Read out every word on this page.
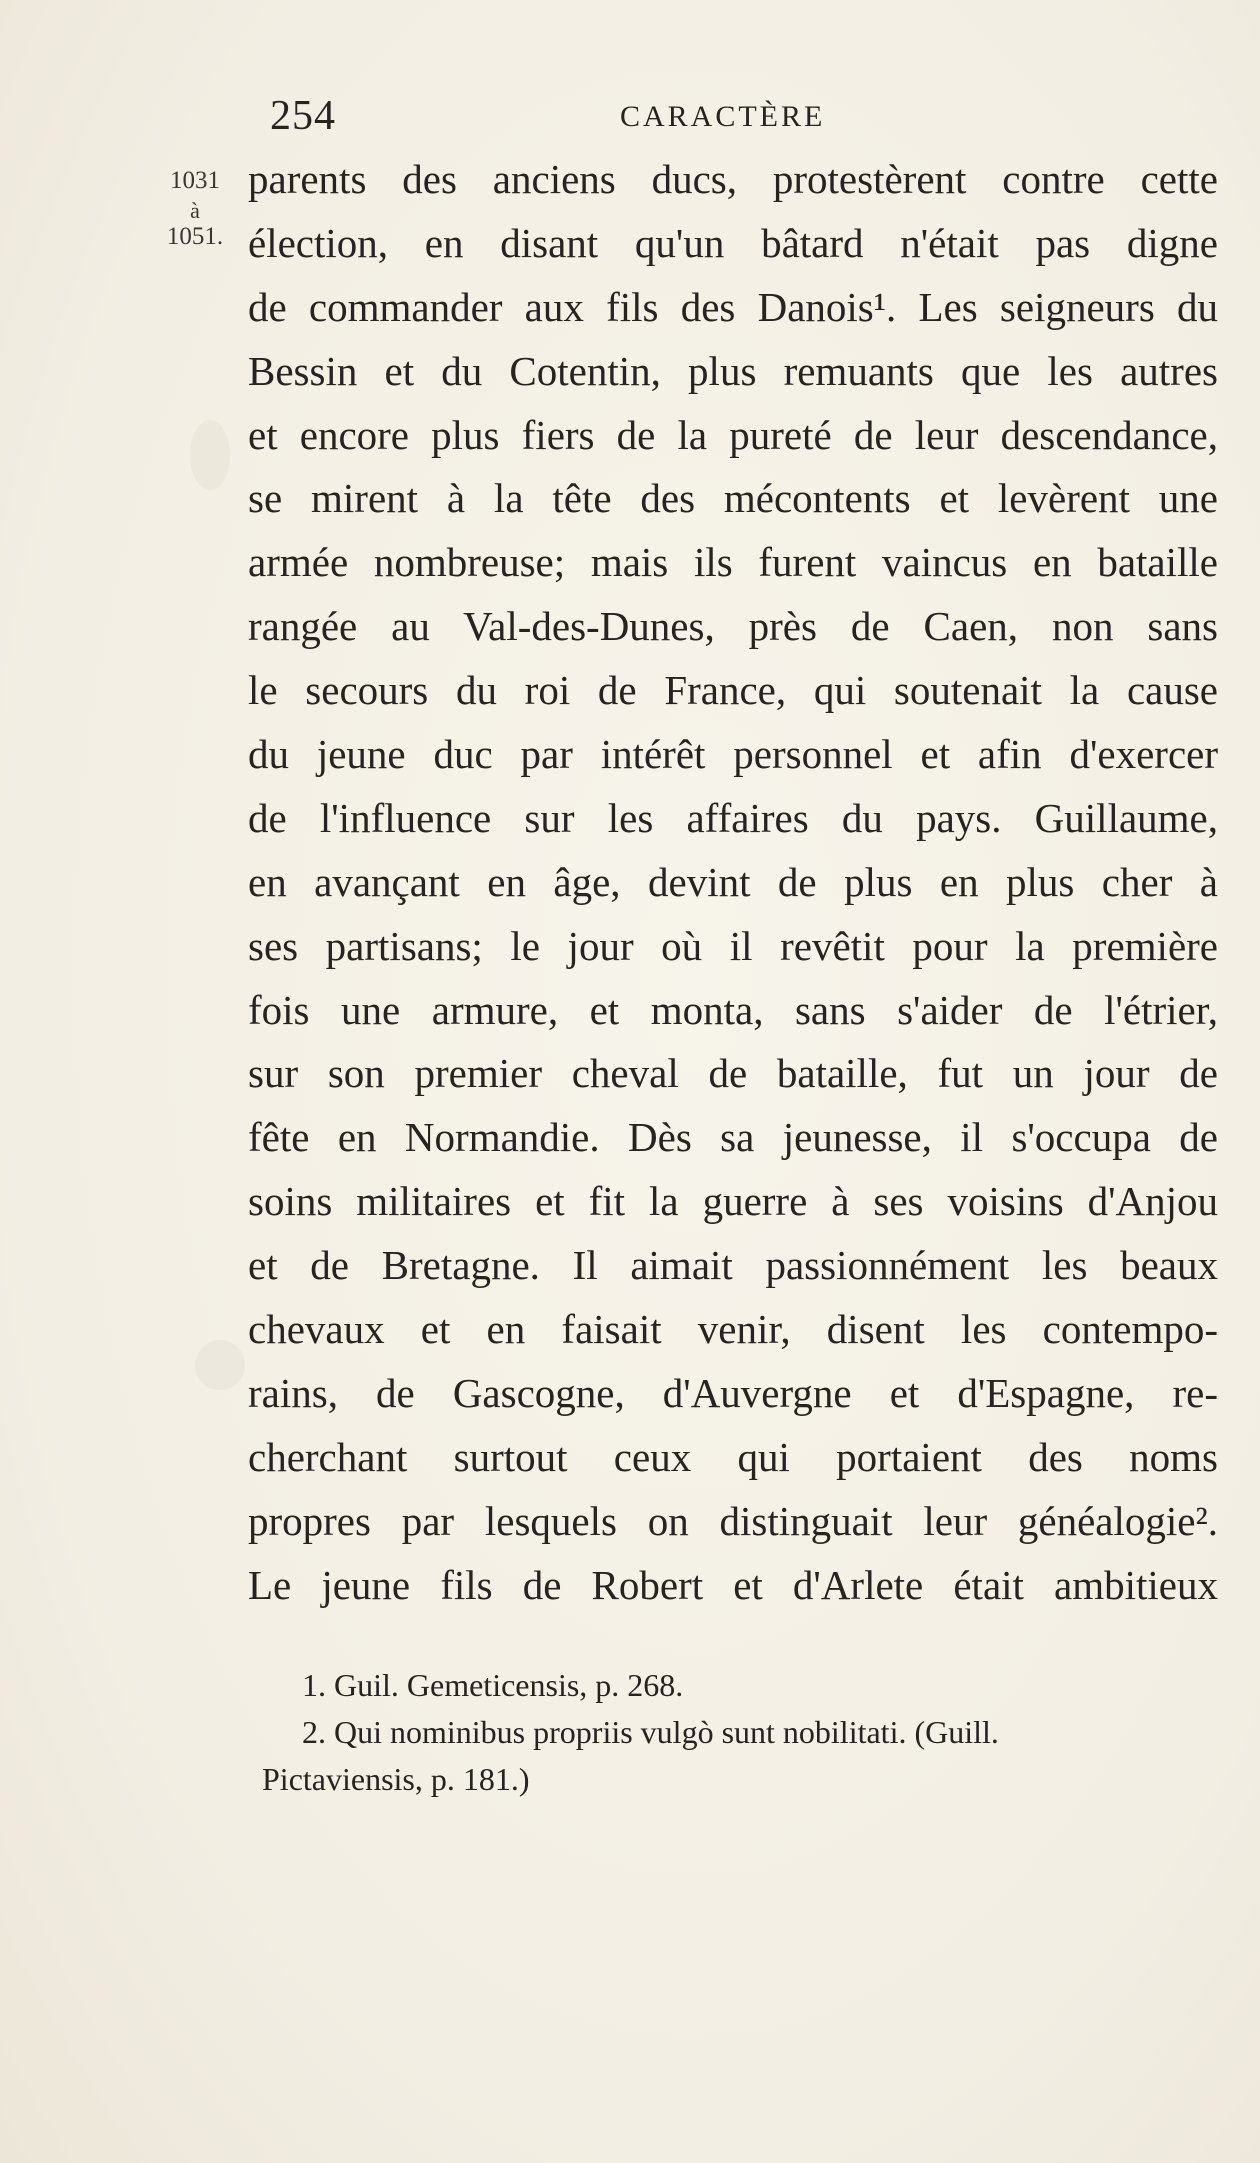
254	CARACTÈRE
1031
à
1051.
parents des anciens ducs, protestèrent contre cette
élection, en disant qu'un bâtard n'était pas digne
de commander aux fils des Danois¹. Les seigneurs du
Bessin et du Cotentin, plus remuants que les autres
et encore plus fiers de la pureté de leur descendance,
se mirent à la tête des mécontents et levèrent une
armée nombreuse; mais ils furent vaincus en bataille
rangée au Val-des-Dunes, près de Caen, non sans
le secours du roi de France, qui soutenait la cause
du jeune duc par intérêt personnel et afin d'exercer
de l'influence sur les affaires du pays. Guillaume,
en avançant en âge, devint de plus en plus cher à
ses partisans; le jour où il revêtit pour la première
fois une armure, et monta, sans s'aider de l'étrier,
sur son premier cheval de bataille, fut un jour de
fête en Normandie. Dès sa jeunesse, il s'occupa de
soins militaires et fit la guerre à ses voisins d'Anjou
et de Bretagne. Il aimait passionnément les beaux
chevaux et en faisait venir, disent les contempo-
rains, de Gascogne, d'Auvergne et d'Espagne, re-
cherchant surtout ceux qui portaient des noms
propres par lesquels on distinguait leur généalogie².
Le jeune fils de Robert et d'Arlete était ambitieux
1. Guil. Gemeticensis, p. 268.
2. Qui nominibus propriis vulgò sunt nobilitati. (Guill.
Pictaviensis, p. 181.)
